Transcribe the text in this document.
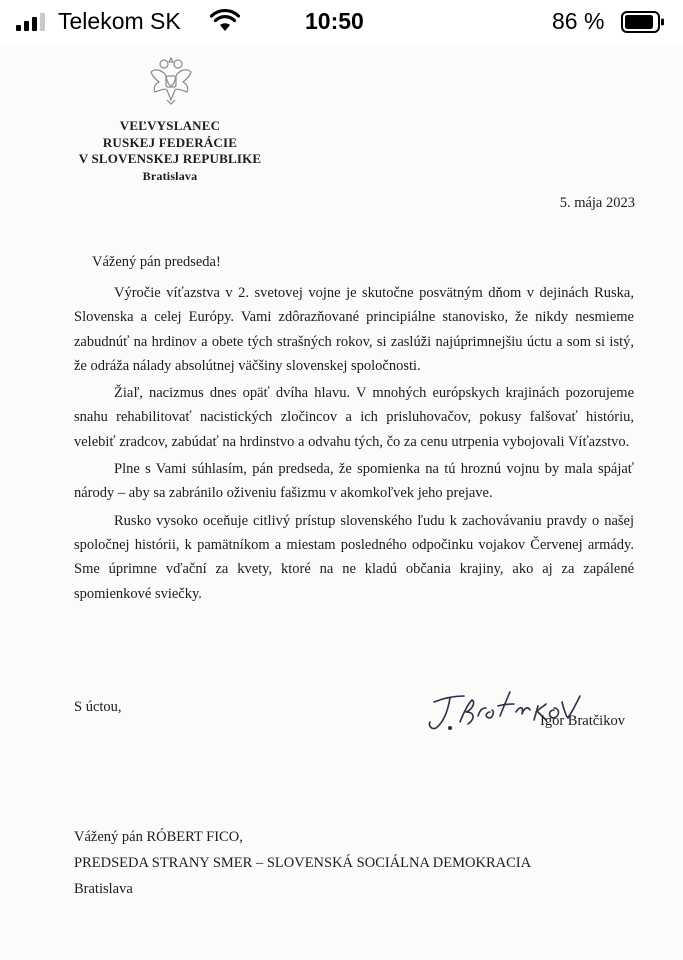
Telekom SK	10:50	86 %
VEĽVYSLANEC
RUSKEJ FEDERÁCIE
V SLOVENSKEJ REPUBLIKE
Bratislava
5. mája 2023
Vážený pán predseda!

Výročie víťazstva v 2. svetovej vojne je skutočne posvätným dňom v dejinách Ruska, Slovenska a celej Európy. Vami zdôrazňované principiálne stanovisko, že nikdy nesmieme zabudnúť na hrdinov a obete tých strašných rokov, si zaslúži najúprimnejšiu úctu a som si istý, že odráža nálady absolútnej väčšiny slovenskej spoločnosti.

Žiaľ, nacizmus dnes opäť dvíha hlavu. V mnohých európskych krajinách pozorujeme snahu rehabilitovať nacistických zločincov a ich prisluhovačov, pokusy falšovať históriu, velebiť zradcov, zabúdať na hrdinstvo a odvahu tých, čo za cenu utrpenia vybojovali Víťazstvo.

Plne s Vami súhlasím, pán predseda, že spomienka na tú hroznú vojnu by mala spájať národy – aby sa zabránilo oživeniu fašizmu v akomkoľvek jeho prejave.

Rusko vysoko oceňuje citlivý prístup slovenského ľudu k zachovávaniu pravdy o našej spoločnej histórii, k pamätníkom a miestam posledného odpočinku vojakov Červenej armády. Sme úprimne vďační za kvety, ktoré na ne kladú občania krajiny, ako aj za zapálené spomienkové sviečky.

S úctou,
Igor Bratčikov
Vážený pán RÓBERT FICO,
PREDSEDA STRANY SMER – SLOVENSKÁ SOCIÁLNA DEMOKRACIA
Bratislava
